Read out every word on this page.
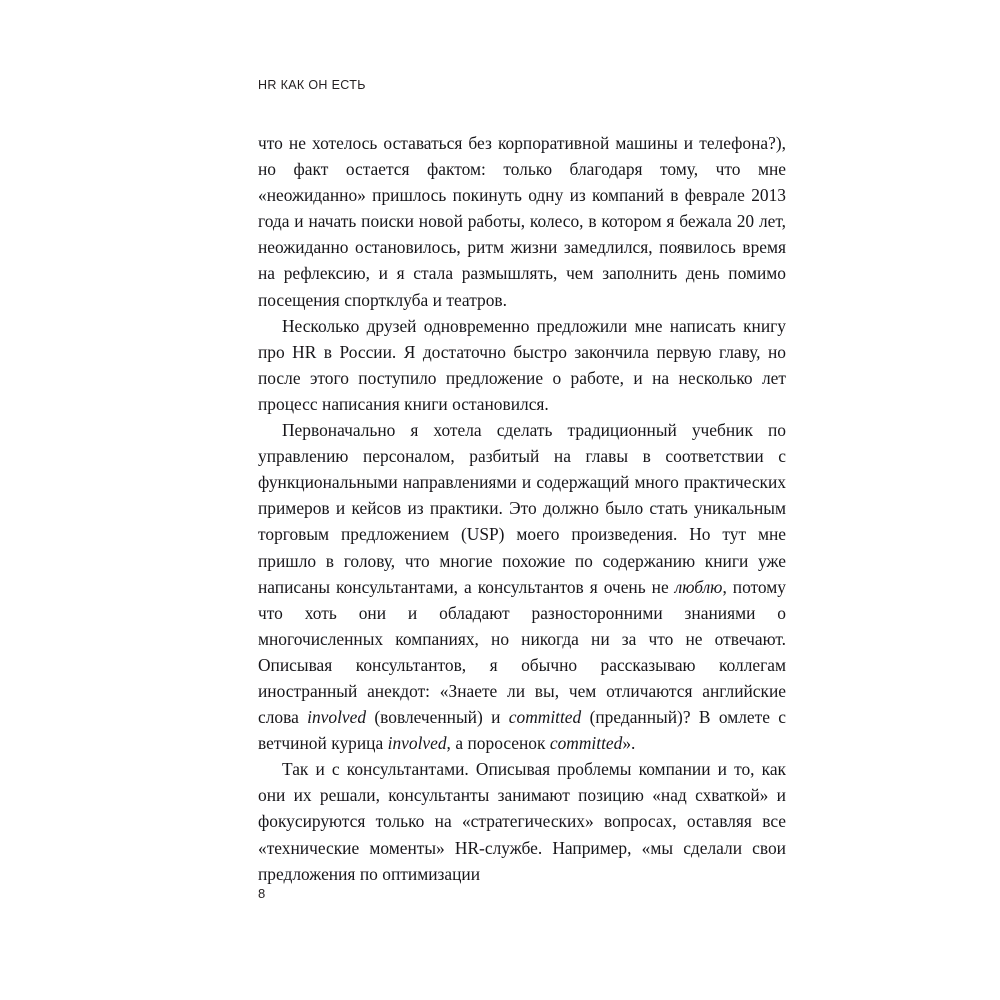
HR КАК ОН ЕСТЬ

что не хотелось оставаться без корпоративной машины и телефона?), но факт остается фактом: только благодаря тому, что мне «неожиданно» пришлось покинуть одну из компаний в феврале 2013 года и начать поиски новой работы, колесо, в котором я бежала 20 лет, неожиданно остановилось, ритм жизни замедлился, появилось время на рефлексию, и я стала размышлять, чем заполнить день помимо посещения спортклуба и театров.

Несколько друзей одновременно предложили мне написать книгу про HR в России. Я достаточно быстро закончила первую главу, но после этого поступило предложение о работе, и на несколько лет процесс написания книги остановился.

Первоначально я хотела сделать традиционный учебник по управлению персоналом, разбитый на главы в соответствии с функциональными направлениями и содержащий много практических примеров и кейсов из практики. Это должно было стать уникальным торговым предложением (USP) моего произведения. Но тут мне пришло в голову, что многие похожие по содержанию книги уже написаны консультантами, а консультантов я очень не люблю, потому что хоть они и обладают разносторонними знаниями о многочисленных компаниях, но никогда ни за что не отвечают. Описывая консультантов, я обычно рассказываю коллегам иностранный анекдот: «Знаете ли вы, чем отличаются английские слова involved (вовлеченный) и committed (преданный)? В омлете с ветчиной курица involved, а поросенок committed».

Так и с консультантами. Описывая проблемы компании и то, как они их решали, консультанты занимают позицию «над схваткой» и фокусируются только на «стратегических» вопросах, оставляя все «технические моменты» HR-службе. Например, «мы сделали свои предложения по оптимизации

8
